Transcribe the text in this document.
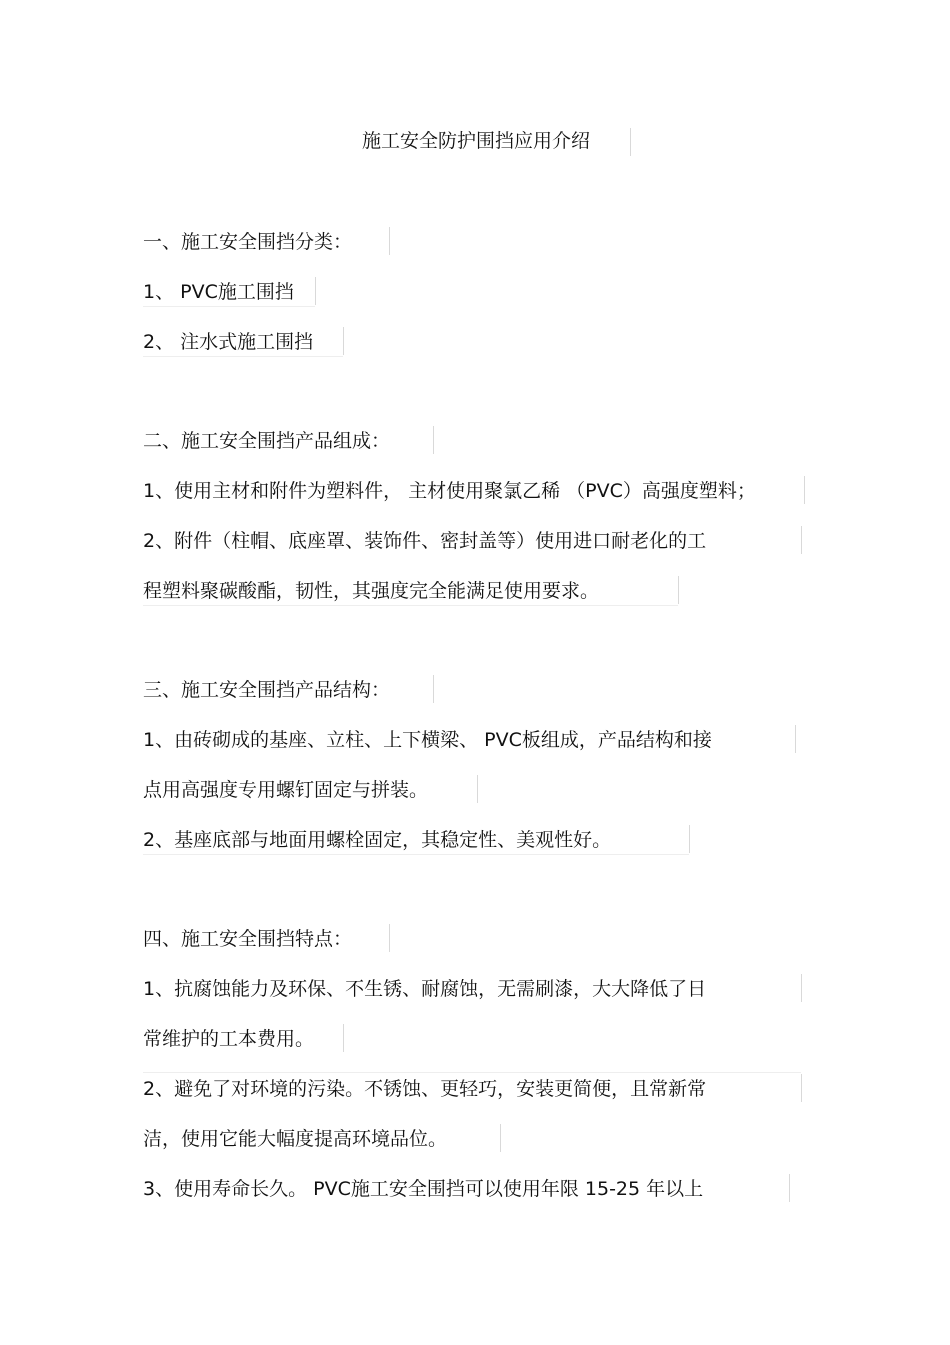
施工安全防护围挡应用介绍
一、施工安全围挡分类：
1、 PVC施工围挡
2、 注水式施工围挡
二、施工安全围挡产品组成：
1、使用主材和附件为塑料件， 主材使用聚氯乙稀 （PVC）高强度塑料；
2、附件（柱帽、底座罩、装饰件、密封盖等）使用进口耐老化的工
程塑料聚碳酸酯，韧性，其强度完全能满足使用要求。
三、施工安全围挡产品结构：
1、由砖砌成的基座、立柱、上下横梁、 PVC板组成，产品结构和接
点用高强度专用螺钉固定与拼装。
2、基座底部与地面用螺栓固定，其稳定性、美观性好。
四、施工安全围挡特点：
1、抗腐蚀能力及环保、不生锈、耐腐蚀，无需刷漆，大大降低了日
常维护的工本费用。
2、避免了对环境的污染。不锈蚀、更轻巧，安装更简便，且常新常
洁，使用它能大幅度提高环境品位。
3、使用寿命长久。 PVC施工安全围挡可以使用年限 15-25 年以上
